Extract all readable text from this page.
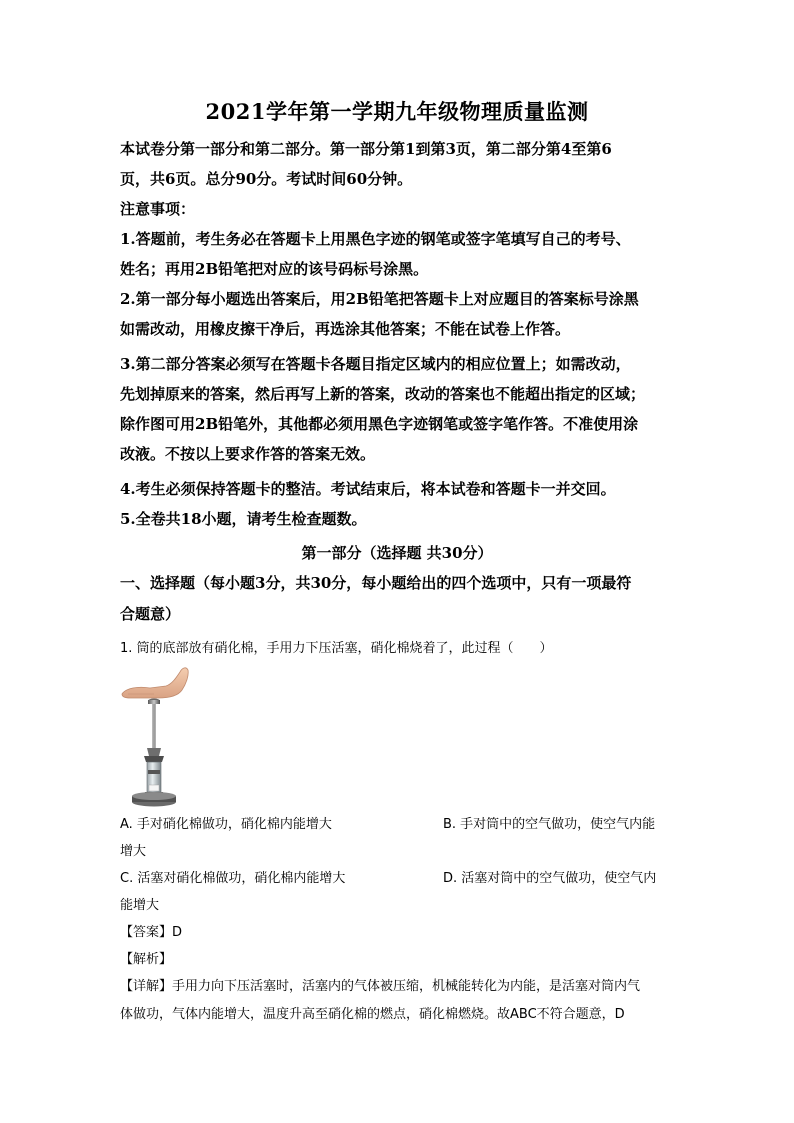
2021学年第一学期九年级物理质量监测
本试卷分第一部分和第二部分。第一部分第1到第3页，第二部分第4至第6
页，共6页。总分90分。考试时间60分钟。
注意事项：
1.答题前，考生务必在答题卡上用黑色字迹的钢笔或签字笔填写自己的考号、
姓名；再用2B铅笔把对应的该号码标号涂黑。
2.第一部分每小题选出答案后，用2B铅笔把答题卡上对应题目的答案标号涂黑
如需改动，用橡皮擦干净后，再选涂其他答案；不能在试卷上作答。
3.第二部分答案必须写在答题卡各题目指定区域内的相应位置上；如需改动，
先划掉原来的答案，然后再写上新的答案，改动的答案也不能超出指定的区域；
除作图可用2B铅笔外，其他都必须用黑色字迹钢笔或签字笔作答。不准使用涂
改液。不按以上要求作答的答案无效。
4.考生必须保持答题卡的整洁。考试结束后，将本试卷和答题卡一并交回。
5.全卷共18小题，请考生检查题数。
第一部分（选择题 共30分）
一、选择题（每小题3分，共30分，每小题给出的四个选项中，只有一项最符
合题意）
1. 筒的底部放有硝化棉，手用力下压活塞，硝化棉烧着了，此过程（　　）
A. 手对硝化棉做功，硝化棉内能增大	B. 手对筒中的空气做功，使空气内能
增大
C. 活塞对硝化棉做功，硝化棉内能增大	D. 活塞对筒中的空气做功，使空气内
能增大
【答案】D
【解析】
【详解】手用力向下压活塞时，活塞内的气体被压缩，机械能转化为内能，是活塞对筒内气
体做功，气体内能增大，温度升高至硝化棉的燃点，硝化棉燃烧。故ABC不符合题意，D
